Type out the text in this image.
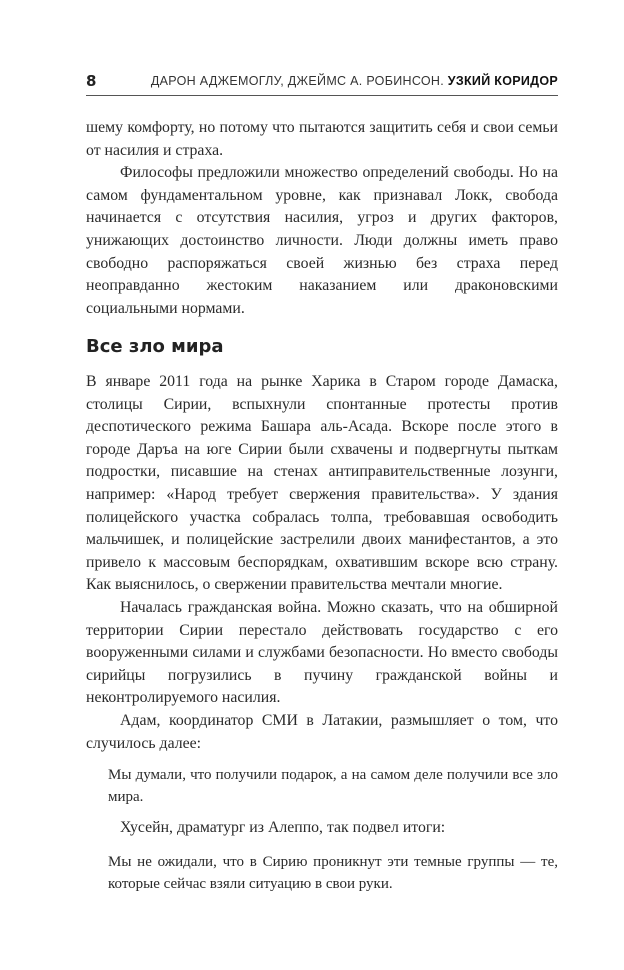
8	ДАРОН АДЖЕМОГЛУ, ДЖЕЙМС А. РОБИНСОН. УЗКИЙ КОРИДОР

шему комфорту, но потому что пытаются защитить себя и свои семьи от насилия и страха.

Философы предложили множество определений свободы. Но на самом фундаментальном уровне, как признавал Локк, свобода начинается с отсутствия насилия, угроз и других факторов, унижающих достоинство личности. Люди должны иметь право свободно распоряжаться своей жизнью без страха перед неоправданно жестоким наказанием или драконовскими социальными нормами.

Все зло мира

В январе 2011 года на рынке Харика в Старом городе Дамаска, столицы Сирии, вспыхнули спонтанные протесты против деспотического режима Башара аль-Асада. Вскоре после этого в городе Даръа на юге Сирии были схвачены и подвергнуты пыткам подростки, писавшие на стенах антиправительственные лозунги, например: «Народ требует свержения правительства». У здания полицейского участка собралась толпа, требовавшая освободить мальчишек, и полицейские застрелили двоих манифестантов, а это привело к массовым беспорядкам, охватившим вскоре всю страну. Как выяснилось, о свержении правительства мечтали многие.

Началась гражданская война. Можно сказать, что на обширной территории Сирии перестало действовать государство с его вооруженными силами и службами безопасности. Но вместо свободы сирийцы погрузились в пучину гражданской войны и неконтролируемого насилия.

Адам, координатор СМИ в Латакии, размышляет о том, что случилось далее:

Мы думали, что получили подарок, а на самом деле получили все зло мира.

Хусейн, драматург из Алеппо, так подвел итоги:

Мы не ожидали, что в Сирию проникнут эти темные группы — те, которые сейчас взяли ситуацию в свои руки.
